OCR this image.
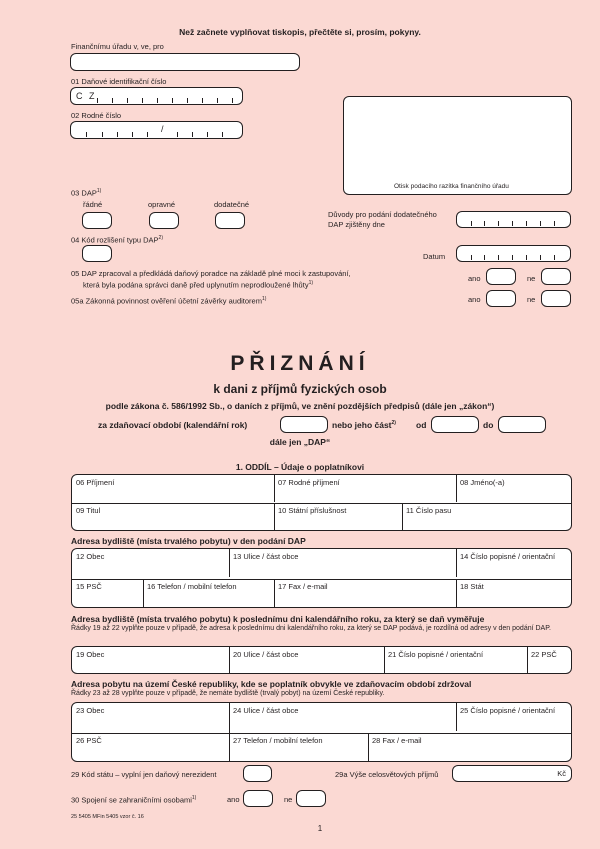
Než začnete vyplňovat tiskopis, přečtěte si, prosím, pokyny.
Finančnímu úřadu v, ve, pro
01 Daňové identifikační číslo
C Z
02 Rodné číslo
/
Otisk podacího razítka finančního úřadu
03 DAP$^{1)}$
řádné	opravné	dodatečné
Důvody pro podání dodatečného
DAP zjištěny dne
04 Kód rozlišení typu DAP$^{2)}$
Datum
05 DAP zpracoval a předkládá daňový poradce na základě plné moci k zastupování,
která byla podána správci daně před uplynutím neprodloužené lhůty$^{1)}$	ano	ne
05a Zákonná povinnost ověření účetní závěrky auditorem$^{1)}$	ano	ne
PŘIZNÁNÍ
k dani z příjmů fyzických osob
podle zákona č. 586/1992 Sb., o daních z příjmů, ve znění pozdějších předpisů (dále jen „zákon“)
za zdaňovací období (kalendářní rok)	nebo jeho část$^{2)}$ od	do
dále jen „DAP“
1. ODDÍL – Údaje o poplatníkovi
06 Příjmení	07 Rodné příjmení	08 Jméno(-a)
09 Titul	10 Státní příslušnost	11 Číslo pasu
Adresa bydliště (místa trvalého pobytu) v den podání DAP
12 Obec	13 Ulice / část obce	14 Číslo popisné / orientační
15 PSČ	16 Telefon / mobilní telefon	17 Fax / e-mail	18 Stát
Adresa bydliště (místa trvalého pobytu) k poslednímu dni kalendářního roku, za který se daň vyměřuje
Řádky 19 až 22 vyplňte pouze v případě, že adresa k poslednímu dni kalendářního roku, za který se DAP podává, je rozdílná od adresy v den podání DAP.
19 Obec	20 Ulice / část obce	21 Číslo popisné / orientační	22 PSČ
Adresa pobytu na území České republiky, kde se poplatník obvykle ve zdaňovacím období zdržoval
Řádky 23 až 28 vyplňte pouze v případě, že nemáte bydliště (trvalý pobyt) na území České republiky.
23 Obec	24 Ulice / část obce	25 Číslo popisné / orientační
26 PSČ	27 Telefon / mobilní telefon	28 Fax / e-mail
29 Kód státu – vyplní jen daňový nerezident	29a Výše celosvětových příjmů	Kč
30 Spojení se zahraničními osobami$^{1)}$	ano	ne
25 5405 MFin 5405 vzor č. 16
1
